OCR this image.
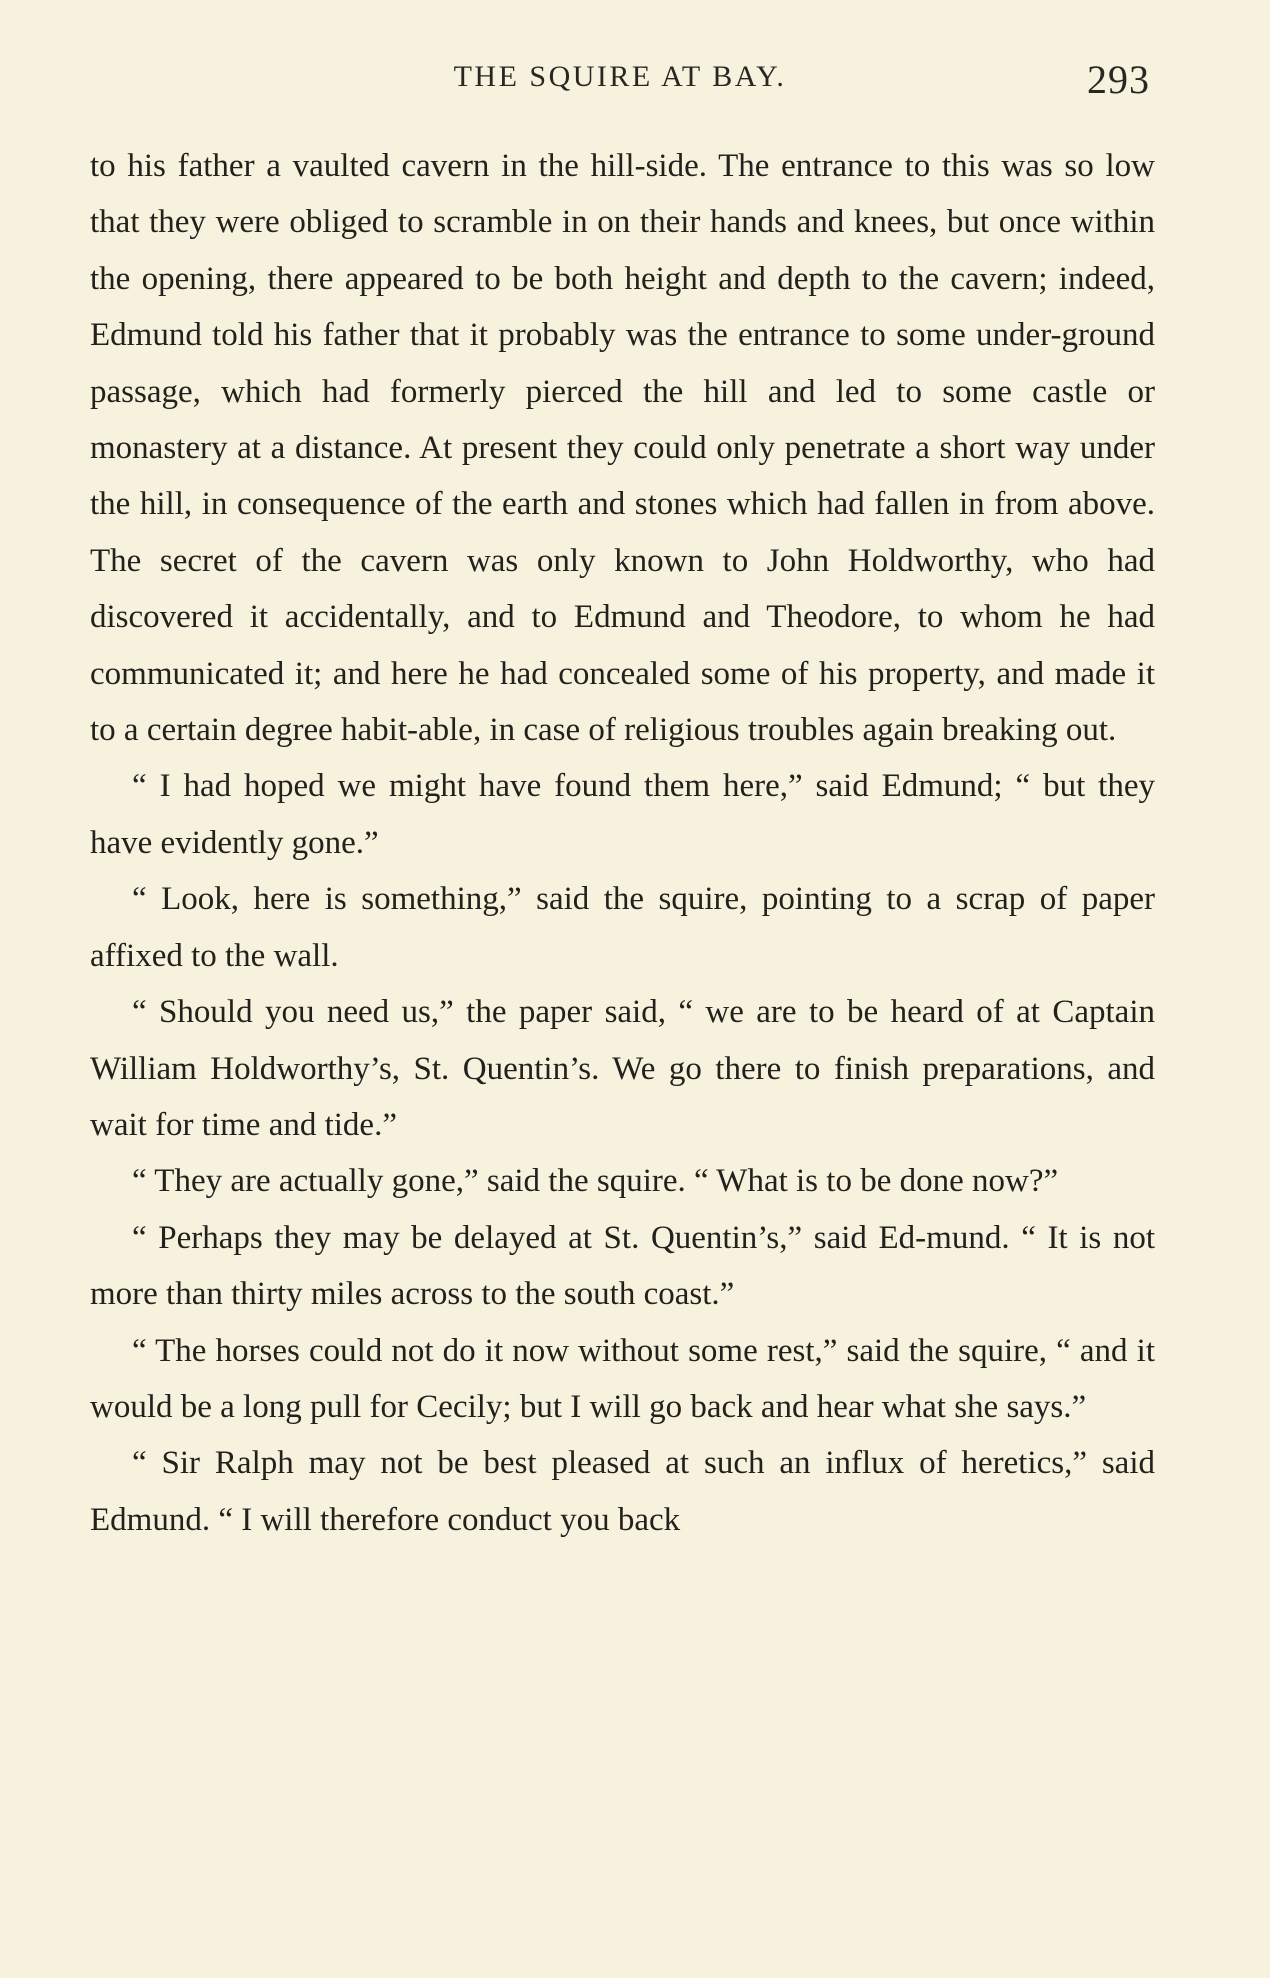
THE SQUIRE AT BAY.	293

to his father a vaulted cavern in the hill-side. The entrance to this was so low that they were obliged to scramble in on their hands and knees, but once within the opening, there appeared to be both height and depth to the cavern; indeed, Edmund told his father that it probably was the entrance to some under-ground passage, which had formerly pierced the hill and led to some castle or monastery at a distance. At present they could only penetrate a short way under the hill, in consequence of the earth and stones which had fallen in from above. The secret of the cavern was only known to John Holdworthy, who had discovered it accidentally, and to Edmund and Theodore, to whom he had communicated it; and here he had concealed some of his property, and made it to a certain degree habit-able, in case of religious troubles again breaking out.

“ I had hoped we might have found them here,” said Edmund; “ but they have evidently gone.”

“ Look, here is something,” said the squire, pointing to a scrap of paper affixed to the wall.

“ Should you need us,” the paper said, “ we are to be heard of at Captain William Holdworthy’s, St. Quentin’s. We go there to finish preparations, and wait for time and tide.”

“ They are actually gone,” said the squire. “ What is to be done now?”

“ Perhaps they may be delayed at St. Quentin’s,” said Ed-mund. “ It is not more than thirty miles across to the south coast.”

“ The horses could not do it now without some rest,” said the squire, “ and it would be a long pull for Cecily; but I will go back and hear what she says.”

“ Sir Ralph may not be best pleased at such an influx of heretics,” said Edmund. “ I will therefore conduct you back
